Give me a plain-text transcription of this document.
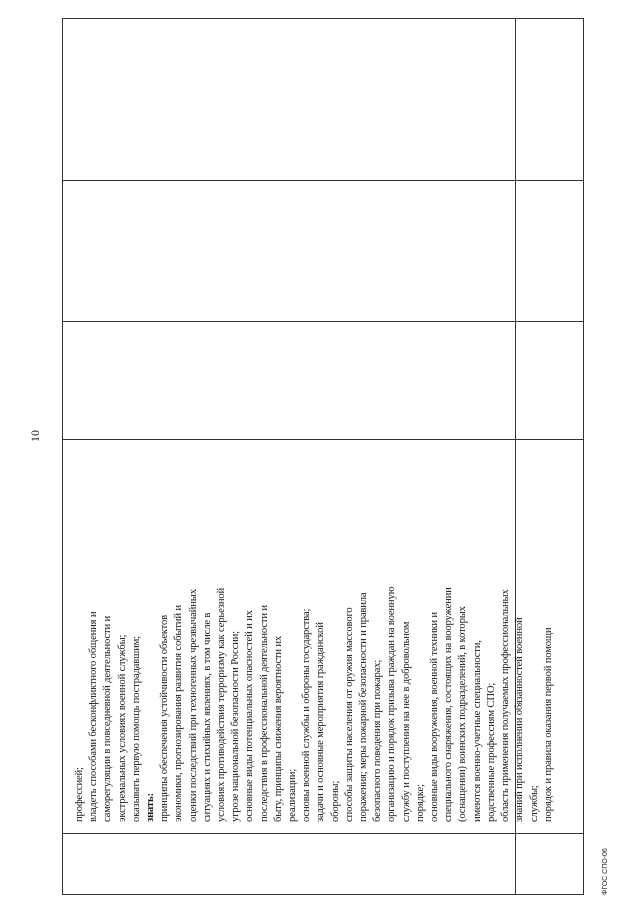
10
профессией; владеть способами бесконфликтного общения и саморегуляции в повседневной деятельности и экстремальных условиях военной службы; оказывать первую помощь пострадавшим; знать: принципы обеспечения устойчивости объектов экономики, прогнозирования развития событий и оценки последствий при техногенных чрезвычайных ситуациях и стихийных явлениях, в том числе в условиях противодействия терроризму как серьезной угрозе национальной безопасности России; основные виды потенциальных опасностей и их последствия в профессиональной деятельности и быту, принципы снижения вероятности их реализации; основы военной службы и обороны государства; задачи и основные мероприятия гражданской обороны; способы защиты населения от оружия массового поражения; меры пожарной безопасности и правила безопасного поведения при пожарах; организацию и порядок призыва граждан на военную службу и поступления на нее в добровольном порядке; основные виды вооружения, военной техники и специального снаряжения, состоящих на вооружении (оснащении) воинских подразделений, в которых имеются военно-учетные специальности, родственные профессиям СПО; область применения получаемых профессиональных знаний при исполнении обязанностей военной службы; порядок и правила оказания первой помощи
ФГОС СПО-06
